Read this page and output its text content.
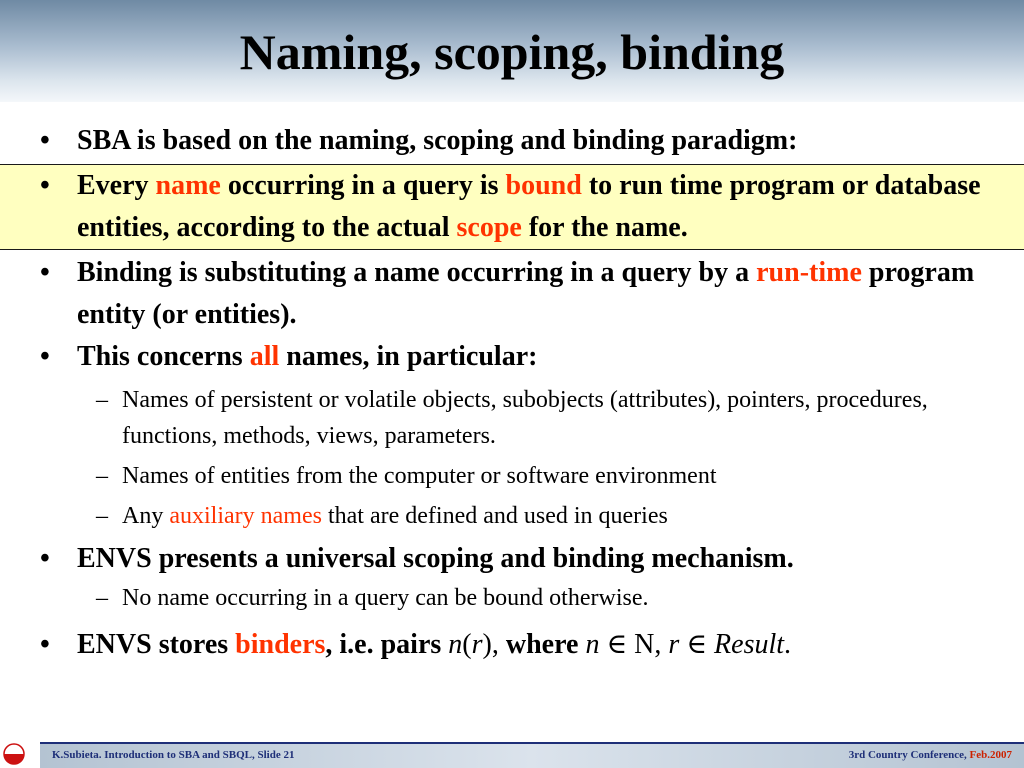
Naming, scoping, binding
• SBA is based on the naming, scoping and binding paradigm:
• Every name occurring in a query is bound to run time program or database entities, according to the actual scope for the name.
• Binding is substituting a name occurring in a query by a run-time program entity (or entities).
• This concerns all names, in particular:
– Names of persistent or volatile objects, subobjects (attributes), pointers, procedures, functions, methods, views, parameters.
– Names of entities from the computer or software environment
– Any auxiliary names that are defined and used in queries
• ENVS presents a universal scoping and binding mechanism.
– No name occurring in a query can be bound otherwise.
• ENVS stores binders, i.e. pairs n(r), where n ∈ N, r ∈ Result.
K.Subieta. Introduction to SBA and SBQL, Slide 21	3rd Country Conference, Feb.2007
